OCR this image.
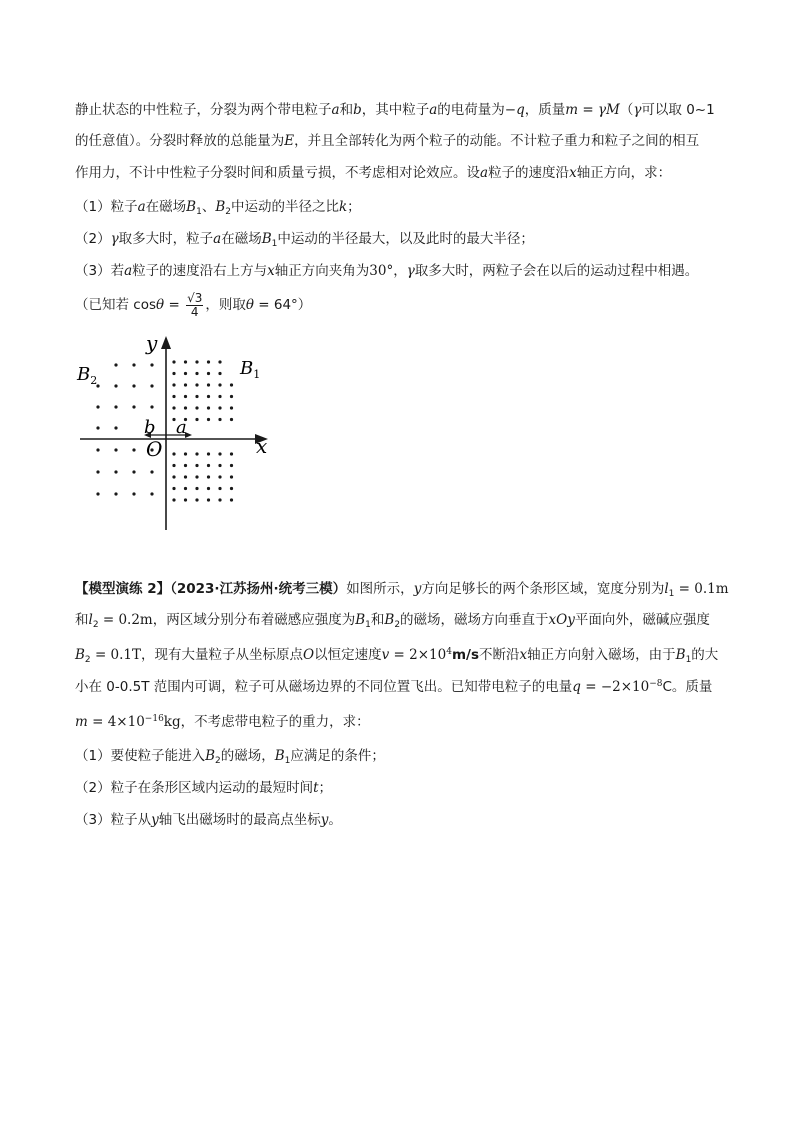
静止状态的中性粒子，分裂为两个带电粒子a和b，其中粒子a的电荷量为−q，质量m = γM（γ可以取 0~1
的任意值）。分裂时释放的总能量为E，并且全部转化为两个粒子的动能。不计粒子重力和粒子之间的相互
作用力，不计中性粒子分裂时间和质量亏损，不考虑相对论效应。设a粒子的速度沿x轴正方向，求：
（1）粒子a在磁场$B_1$、$B_2$中运动的半径之比k；
（2）γ取多大时，粒子a在磁场$B_1$中运动的半径最大，以及此时的最大半径；
（3）若a粒子的速度沿右上方与x轴正方向夹角为30°，γ取多大时，两粒子会在以后的运动过程中相遇。
（已知若 $\cos\theta = \frac{√3}{4}$ ，则取θ = 64°）
y
x
O
b a
$B_2$
$B_1$
【模型演练 2】（2023·江苏扬州·统考三模）如图所示，y方向足够长的两个条形区域，宽度分别为$l_1 = 0.1m$
和$l_2 = 0.2m$，两区域分别分布着磁感应强度为$B_1$和$B_2$的磁场，磁场方向垂直于xOy平面向外，磁碱应强度
$B_2 = 0.1T$，现有大量粒子从坐标原点O以恒定速度$v = 2\times 10^4m/s$不断沿x轴正方向射入磁场，由于$B_1$的大
小在 0-0.5T 范围内可调，粒子可从磁场边界的不同位置飞出。已知带电粒子的电量$q = -2\times 10^{-8}C$。质量
$m = 4\times 10^{-16}kg$，不考虑带电粒子的重力，求：
（1）要使粒子能进入$B_2$的磁场，$B_1$应满足的条件；
（2）粒子在条形区域内运动的最短时间t；
（3）粒子从y轴飞出磁场时的最高点坐标y。
